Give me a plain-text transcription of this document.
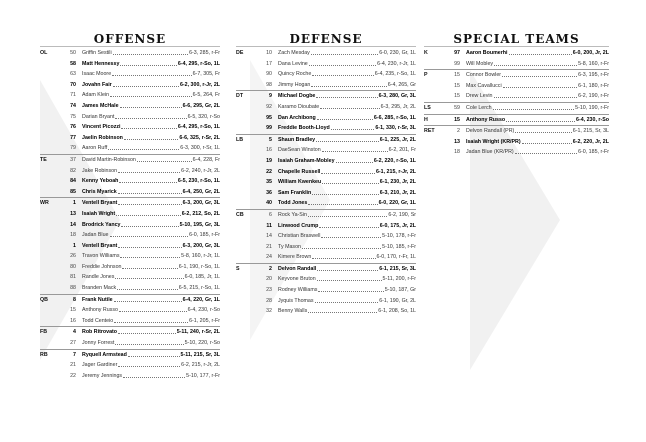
OFFENSE
OL	50	Griffin Sestili	6-3, 285, r-Fr
58	Matt Hennessy	6-4, 295, r-So, 1L
63	Isaac Moore	6-7, 305, Fr
70	Jovahn Fair	6-2, 300, r-Jr, 2L
71	Adam Klein	6-5, 264, Fr
74	James McHale	6-6, 295, Gr, 2L
75	Darian Bryant	6-5, 320, r-So
76	Vincent Picozzi	6-4, 295, r-So, 1L
77	Jaelin Robinson	6-6, 325, r-Sr, 2L
79	Aaron Ruff	6-3, 300, r-Sr, 1L
TE	37	David Martin-Robinson	6-4, 228, Fr
82	Jake Robinson	6-2, 240, r-Jr, 2L
84	Kenny Yeboah	6-5, 230, r-So, 1L
85	Chris Myarick	6-4, 250, Gr, 2L
WR	1	Ventell Bryant	6-3, 200, Gr, 3L
13	Isaiah Wright	6-2, 212, So, 2L
14	Brodrick Yancy	5-10, 195, Gr, 3L
18	Jadan Blue	6-0, 185, r-Fr
1	Ventell Bryant	6-3, 200, Gr, 3L
26	Travon Williams	5-8, 160, r-Jr, 1L
80	Freddie Johnson	6-1, 190, r-So, 1L
81	Randle Jones	6-0, 185, Jr, 1L
88	Branden Mack	6-5, 215, r-So, 1L
QB	8	Frank Nutile	6-4, 220, Gr, 1L
15	Anthony Russo	6-4, 230, r-So
16	Todd Centeio	6-1, 205, r-Fr
FB	4	Rob Ritrovato	5-11, 240, r-Sr, 2L
27	Jonny Forrest	5-10, 220, r-So
RB	7	Ryquell Armstead	5-11, 215, Sr, 3L
21	Jager Gardiner	6-2, 215, r-Jr, 2L
22	Jeremy Jennings	5-10, 177, r-Fr
DEFENSE
DE	10	Zach Mesday	6-0, 230, Gr, 1L
17	Dana Levine	6-4, 230, r-Jr, 1L
90	Quincy Roche	6-4, 235, r-So, 1L
98	Jimmy Hogan	6-4, 265, Gr
DT	9	Michael Dogbe	6-3, 280, Gr, 3L
92	Karamo Dioubate	6-3, 295, Jr, 2L
95	Dan Archibong	6-6, 285, r-So, 1L
99	Freddie Booth-Lloyd	6-1, 330, r-Sr, 3L
LB	5	Shaun Bradley	6-1, 225, Jr, 2L
16	DaeSean Winston	6-2, 201, Fr
19	Isaiah Graham-Mobley	6-2, 220, r-So, 1L
22	Chapelle Russell	6-1, 215, r-Jr, 2L
35	William Kwenkeu	6-1, 230, Jr, 2L
36	Sam Franklin	6-3, 210, Jr, 2L
40	Todd Jones	6-0, 220, Gr, 1L
CB	6	Rock Ya-Sin	6-2, 190, Sr
11	Linwood Crump	6-0, 175, Jr, 2L
14	Christian Braswell	5-10, 178, r-Fr
21	Ty Mason	5-10, 185, r-Fr
24	Kimere Brown	6-0, 170, r-Fr, 1L
S	2	Delvon Randall	6-1, 215, Sr, 3L
20	Keyvone Bruton	5-11, 200, r-Fr
23	Rodney Williams	5-10, 187, Gr
28	Jyquis Thomas	6-1, 190, Gr, 2L
32	Benny Walls	6-1, 208, So, 1L
SPECIAL TEAMS
K	97	Aaron Boumerhi	6-0, 200, Jr, 2L
99	Will Mobley	5-8, 160, r-Fr
P	15	Connor Bowler	6-3, 195, r-Fr
15	Max Cavallucci	6-1, 180, r-Fr
15	Drew Levin	6-2, 190, r-Fr
LS	59	Cole Lerch	5-10, 190, r-Fr
H	15	Anthony Russo	6-4, 230, r-So
RET	2	Delvon Randall (PR)	6-1, 215, Sr, 3L
13	Isaiah Wright (KR/PR)	6-2, 220, Jr, 2L
18	Jadan Blue (KR/PR)	6-0, 185, r-Fr
